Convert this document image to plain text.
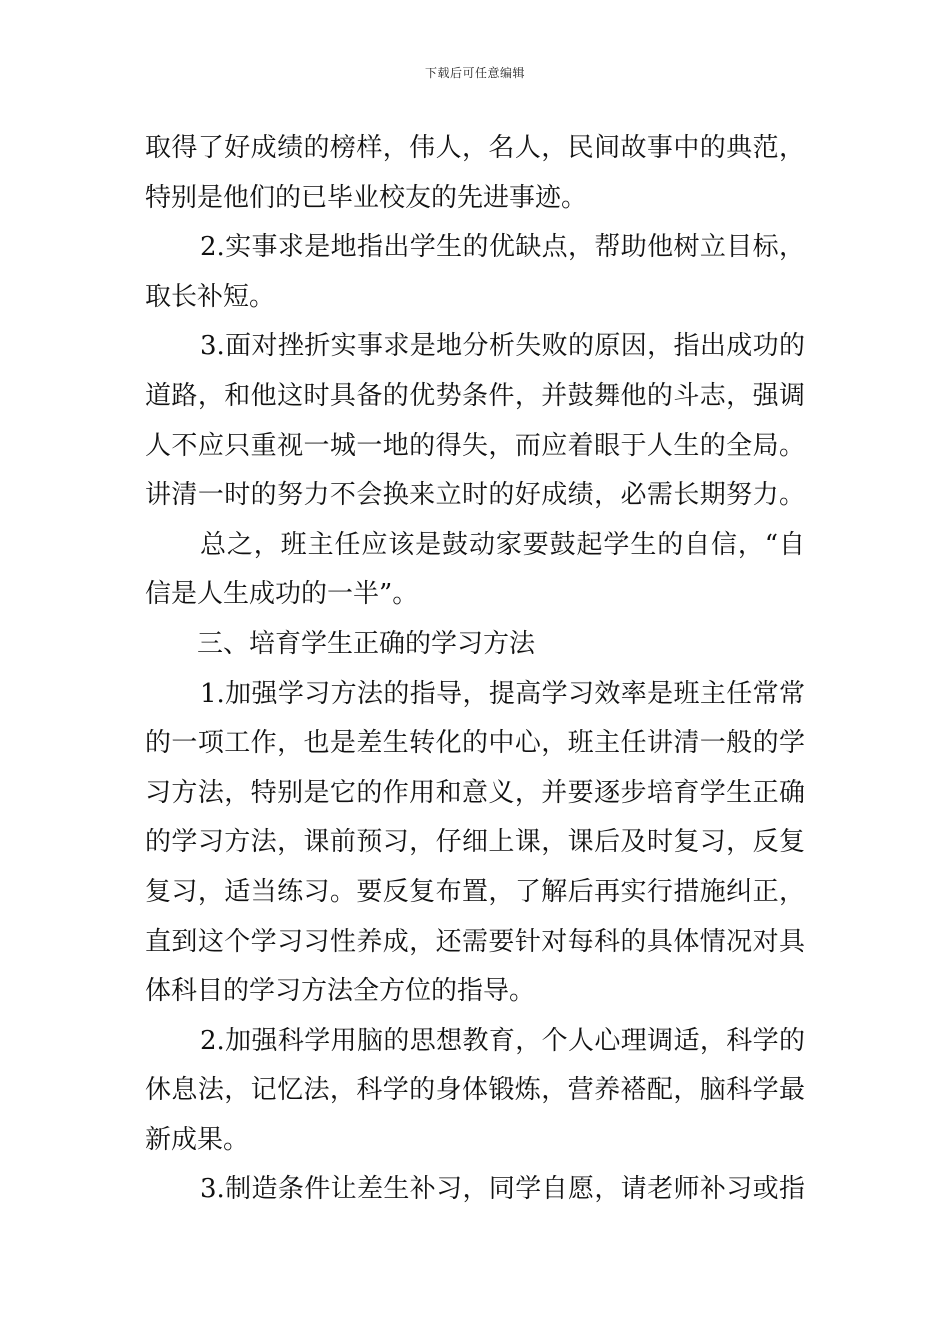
下载后可任意编辑
取得了好成绩的榜样，伟人，名人，民间故事中的典范，
特别是他们的已毕业校友的先进事迹。
2.实事求是地指出学生的优缺点，帮助他树立目标，
取长补短。
3.面对挫折实事求是地分析失败的原因，指出成功的
道路，和他这时具备的优势条件，并鼓舞他的斗志，强调
人不应只重视一城一地的得失，而应着眼于人生的全局。
讲清一时的努力不会换来立时的好成绩，必需长期努力。
总之，班主任应该是鼓动家要鼓起学生的自信，“自
信是人生成功的一半”。
三、培育学生正确的学习方法
1.加强学习方法的指导，提高学习效率是班主任常常
的一项工作，也是差生转化的中心，班主任讲清一般的学
习方法，特别是它的作用和意义，并要逐步培育学生正确
的学习方法，课前预习，仔细上课，课后及时复习，反复
复习，适当练习。要反复布置，了解后再实行措施纠正，
直到这个学习习性养成，还需要针对每科的具体情况对具
体科目的学习方法全方位的指导。
2.加强科学用脑的思想教育，个人心理调适，科学的
休息法，记忆法，科学的身体锻炼，营养褡配，脑科学最
新成果。
3.制造条件让差生补习，同学自愿，请老师补习或指
